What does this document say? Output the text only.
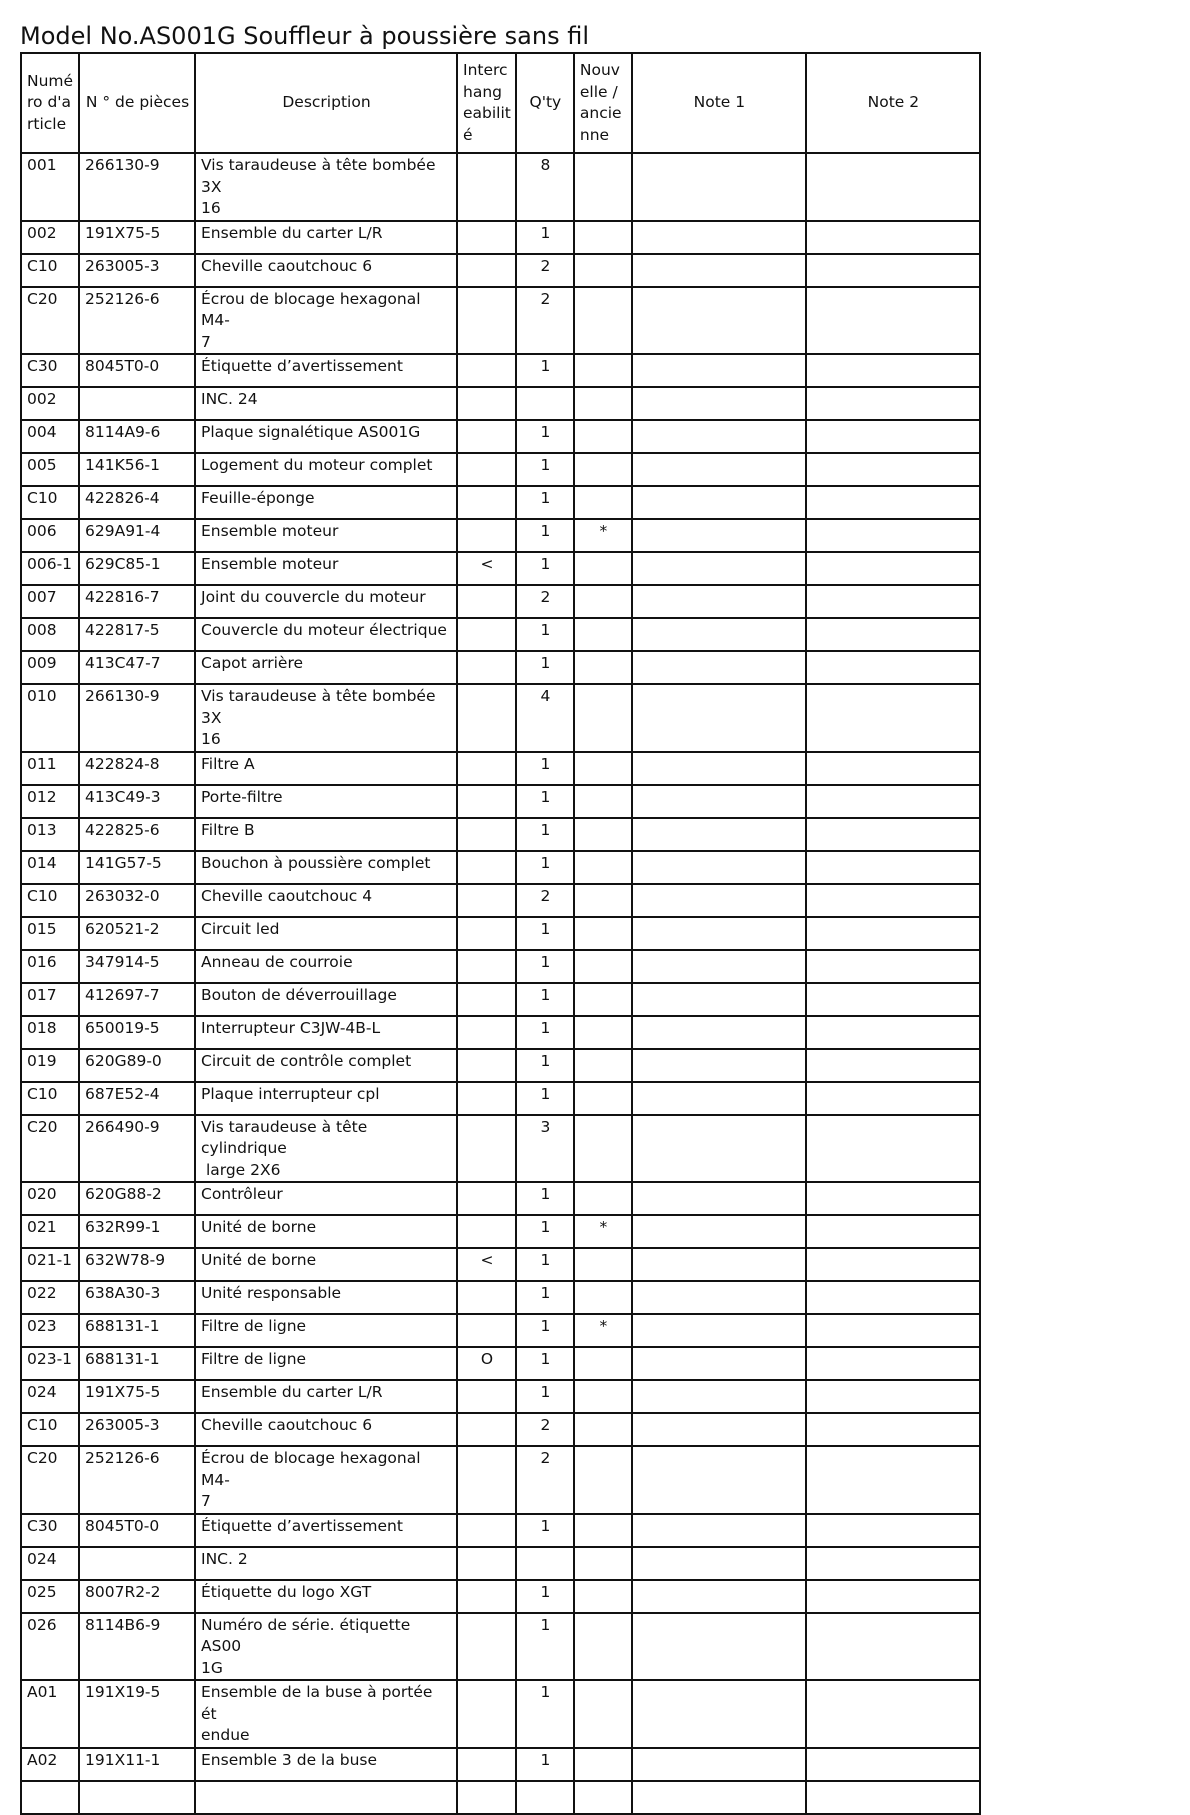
Model No.AS001G Souffleur à poussière sans fil
Numé
ro d'a
rticle	N ° de pièces	Description	Interc
hang
eabilit
é	Q'ty	Nouv
elle /
ancie
nne	Note 1	Note 2
001	266130-9	Vis taraudeuse à tête bombée 3X
16		8			
002	191X75-5	Ensemble du carter L/R		1			
C10	263005-3	Cheville caoutchouc 6		2			
C20	252126-6	Écrou de blocage hexagonal M4-
7		2			
C30	8045T0-0	Étiquette d’avertissement		1			
002		INC. 24					
004	8114A9-6	Plaque signalétique AS001G		1			
005	141K56-1	Logement du moteur complet		1			
C10	422826-4	Feuille-éponge		1			
006	629A91-4	Ensemble moteur		1	*		
006-1	629C85-1	Ensemble moteur	<	1			
007	422816-7	Joint du couvercle du moteur		2			
008	422817-5	Couvercle du moteur électrique		1			
009	413C47-7	Capot arrière		1			
010	266130-9	Vis taraudeuse à tête bombée 3X
16		4			
011	422824-8	Filtre A		1			
012	413C49-3	Porte-filtre		1			
013	422825-6	Filtre B		1			
014	141G57-5	Bouchon à poussière complet		1			
C10	263032-0	Cheville caoutchouc 4		2			
015	620521-2	Circuit led		1			
016	347914-5	Anneau de courroie		1			
017	412697-7	Bouton de déverrouillage		1			
018	650019-5	Interrupteur C3JW-4B-L		1			
019	620G89-0	Circuit de contrôle complet		1			
C10	687E52-4	Plaque interrupteur cpl		1			
C20	266490-9	Vis taraudeuse à tête cylindrique
large 2X6		3			
020	620G88-2	Contrôleur		1			
021	632R99-1	Unité de borne		1	*		
021-1	632W78-9	Unité de borne	<	1			
022	638A30-3	Unité responsable		1			
023	688131-1	Filtre de ligne		1	*		
023-1	688131-1	Filtre de ligne	O	1			
024	191X75-5	Ensemble du carter L/R		1			
C10	263005-3	Cheville caoutchouc 6		2			
C20	252126-6	Écrou de blocage hexagonal M4-
7		2			
C30	8045T0-0	Étiquette d’avertissement		1			
024		INC. 2					
025	8007R2-2	Étiquette du logo XGT		1			
026	8114B6-9	Numéro de série. étiquette AS00
1G		1			
A01	191X19-5	Ensemble de la buse à portée ét
endue		1			
A02	191X11-1	Ensemble 3 de la buse		1			
